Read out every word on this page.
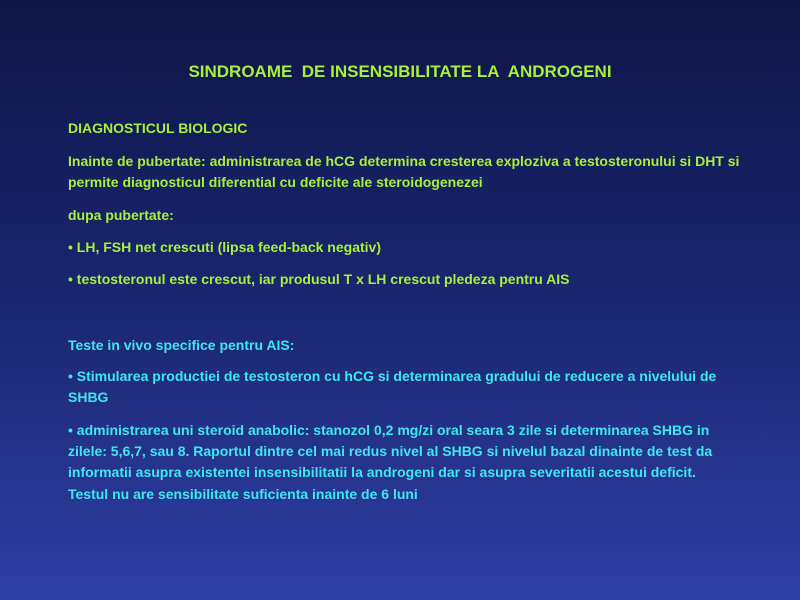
SINDROAME  DE INSENSIBILITATE LA  ANDROGENI

DIAGNOSTICUL BIOLOGIC

Inainte de pubertate: administrarea de hCG determina cresterea exploziva a testosteronului si DHT si permite diagnosticul diferential cu deficite ale steroidogenezei

dupa pubertate:

• LH, FSH net crescuti (lipsa feed-back negativ)

• testosteronul este crescut, iar produsul T x LH crescut pledeza pentru AIS

Teste in vivo specifice pentru AIS:

• Stimularea productiei de testosteron cu hCG si determinarea gradului de reducere a nivelului de SHBG

• administrarea uni steroid anabolic: stanozol 0,2 mg/zi oral seara 3 zile si determinarea SHBG in zilele: 5,6,7, sau 8. Raportul dintre cel mai redus nivel al SHBG si nivelul bazal dinainte de test da informatii asupra existentei insensibilitatii la androgeni dar si asupra severitatii acestui deficit.

Testul nu are sensibilitate suficienta inainte de 6 luni
